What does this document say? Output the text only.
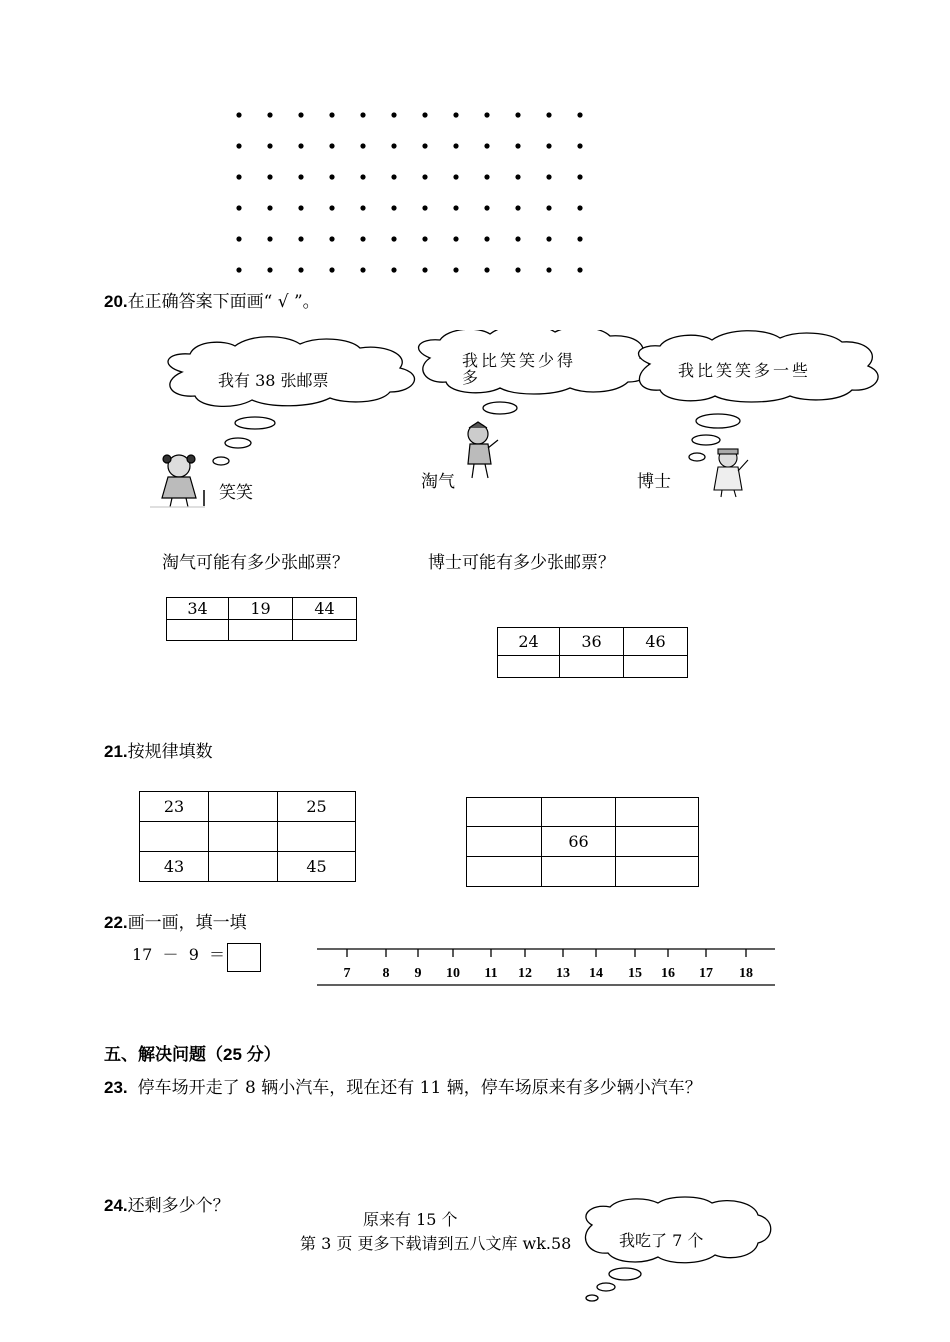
20.在正确答案下面画“ √ ”。
我有 38 张邮票
我比笑笑少得多	我比笑笑多一些
笑笑
淘气	博士
淘气可能有多少张邮票？	博士可能有多少张邮票？
34	19	44

24	36	46

21.按规律填数
23		25

43		45

	66	

22.画一画，填一填
17  －  9  ＝
7 8 9 10 11 12 13 14 15 16 17 18
五、解决问题（25 分）
23. 停车场开走了 8 辆小汽车，现在还有 11 辆，停车场原来有多少辆小汽车？
24.还剩多少个？
原来有 15 个
第 3 页 更多下载请到五八文库 wk.58	我吃了 7 个
